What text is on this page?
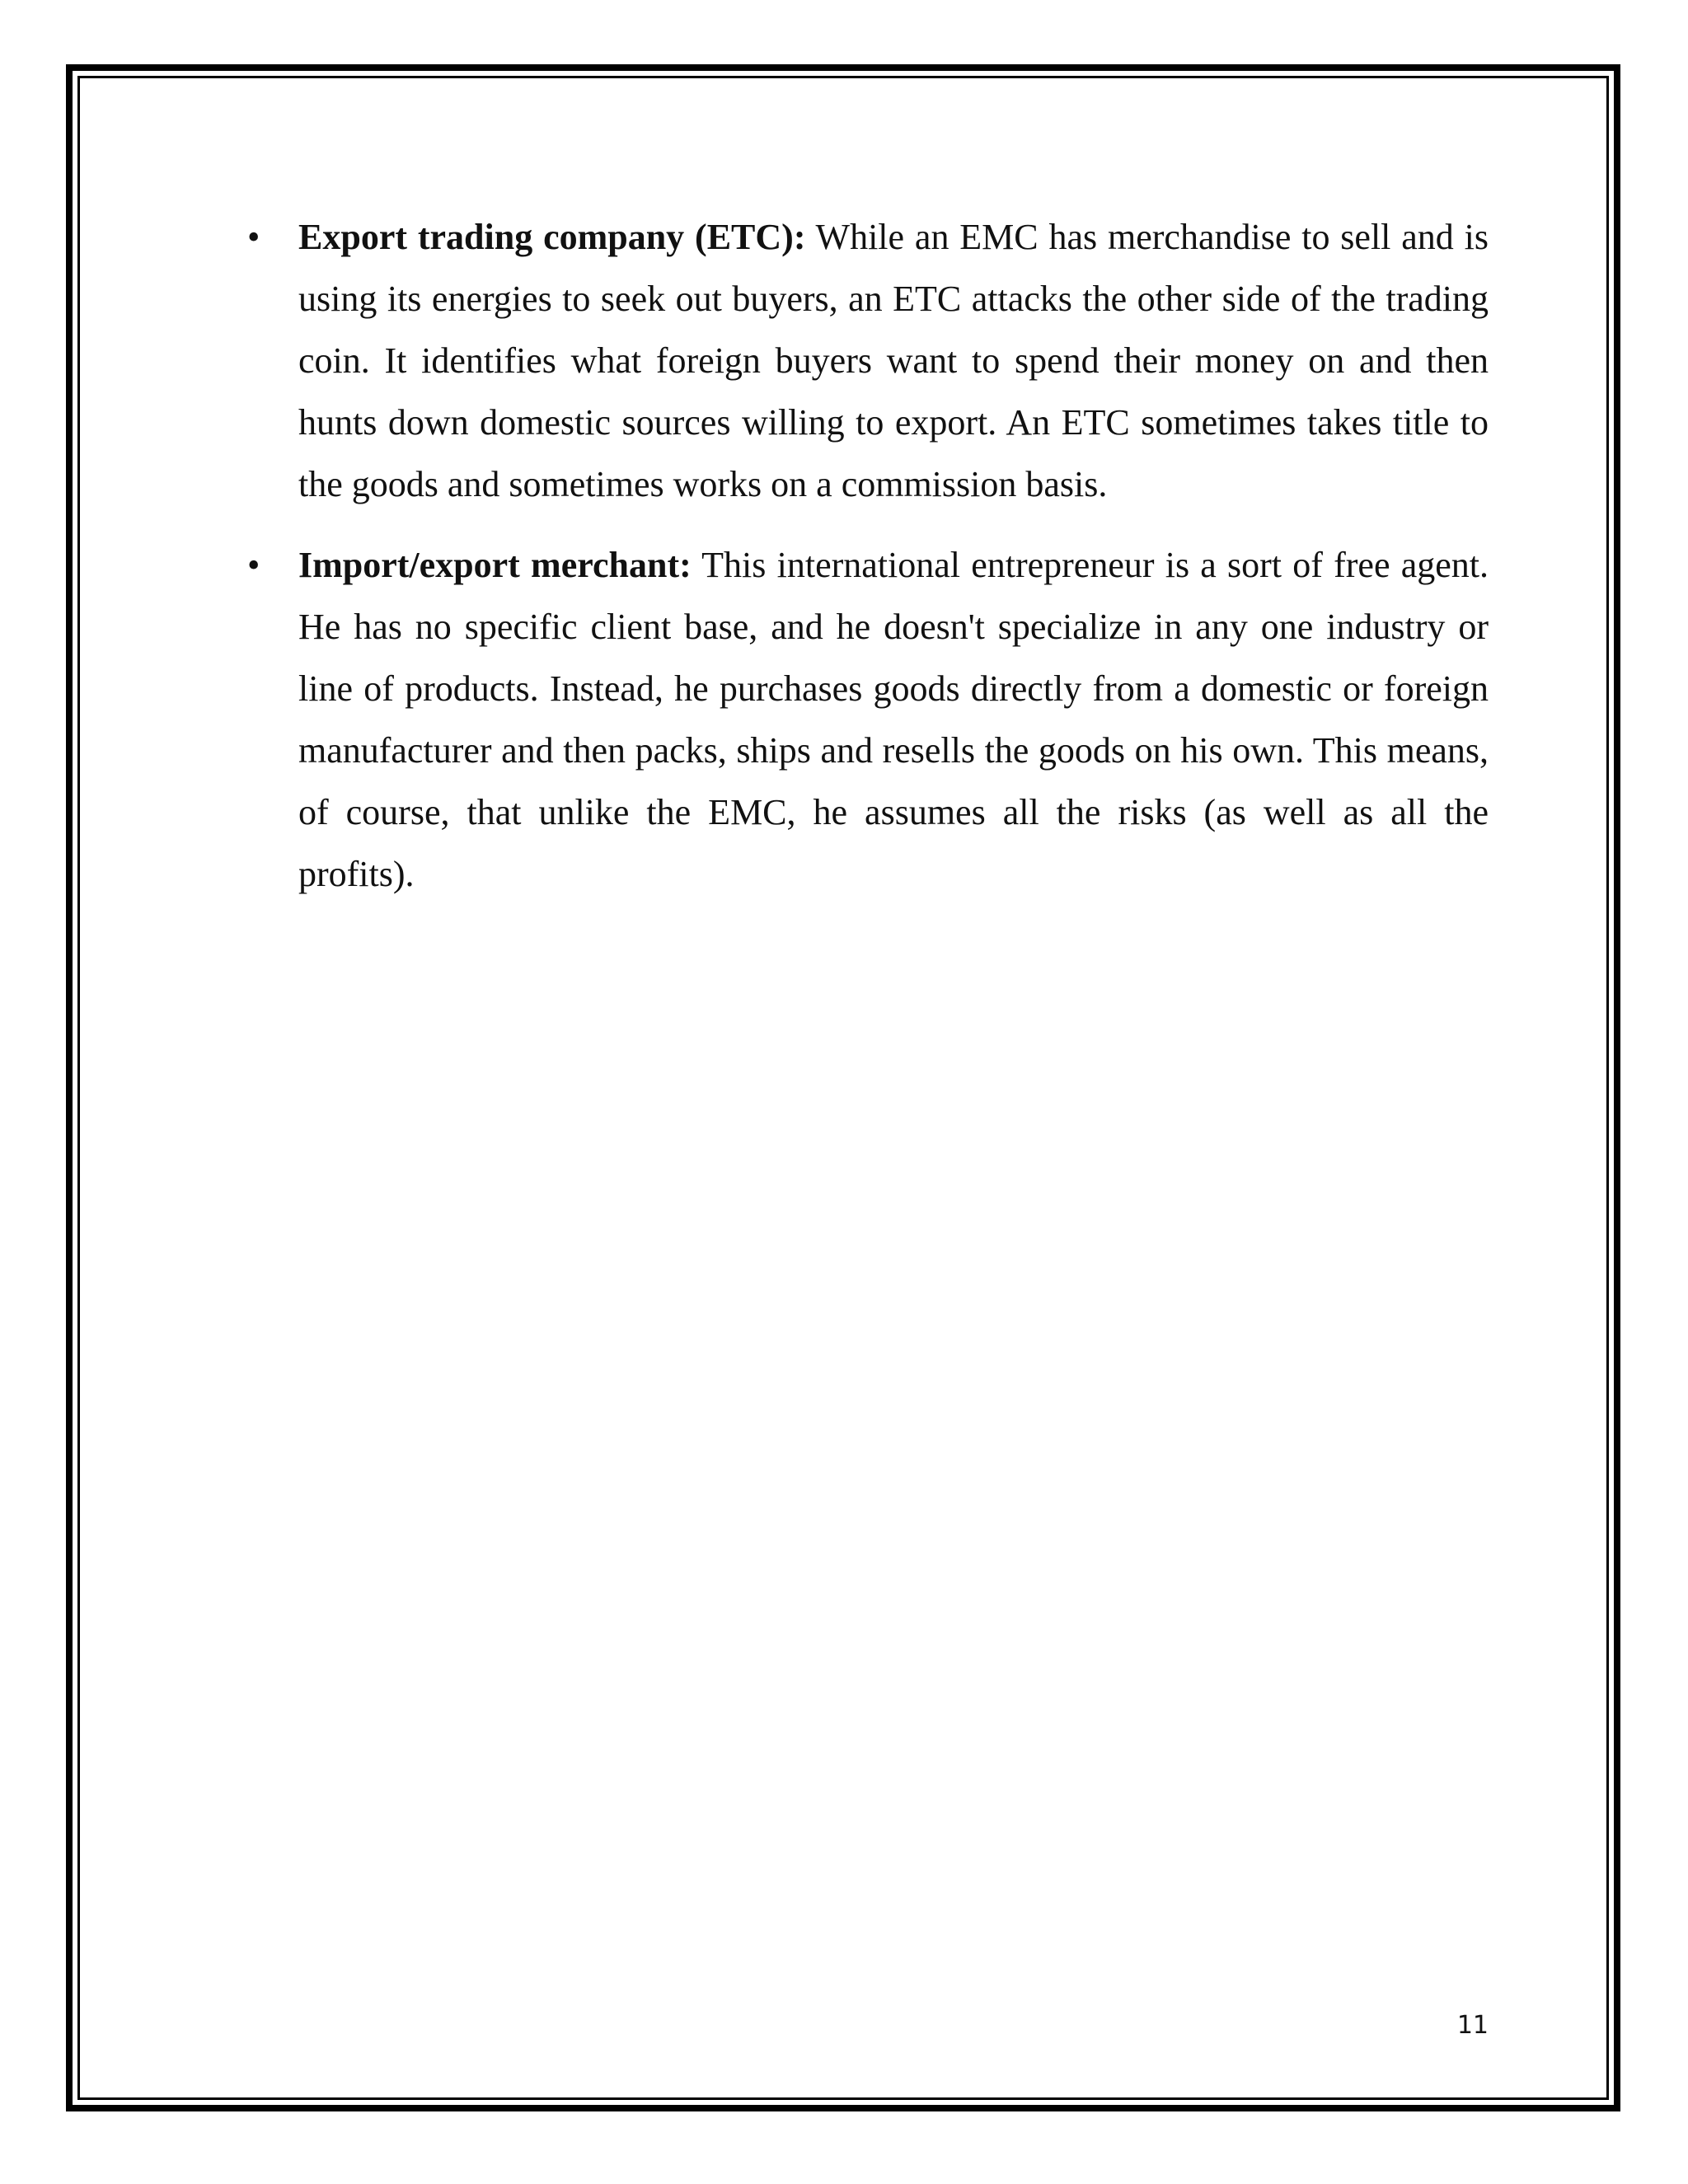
• Export trading company (ETC): While an EMC has merchandise to sell and is using its energies to seek out buyers, an ETC attacks the other side of the trading coin. It identifies what foreign buyers want to spend their money on and then hunts down domestic sources willing to export. An ETC sometimes takes title to the goods and sometimes works on a commission basis.

• Import/export merchant: This international entrepreneur is a sort of free agent. He has no specific client base, and he doesn't specialize in any one industry or line of products. Instead, he purchases goods directly from a domestic or foreign manufacturer and then packs, ships and resells the goods on his own. This means, of course, that unlike the EMC, he assumes all the risks (as well as all the profits).

11
